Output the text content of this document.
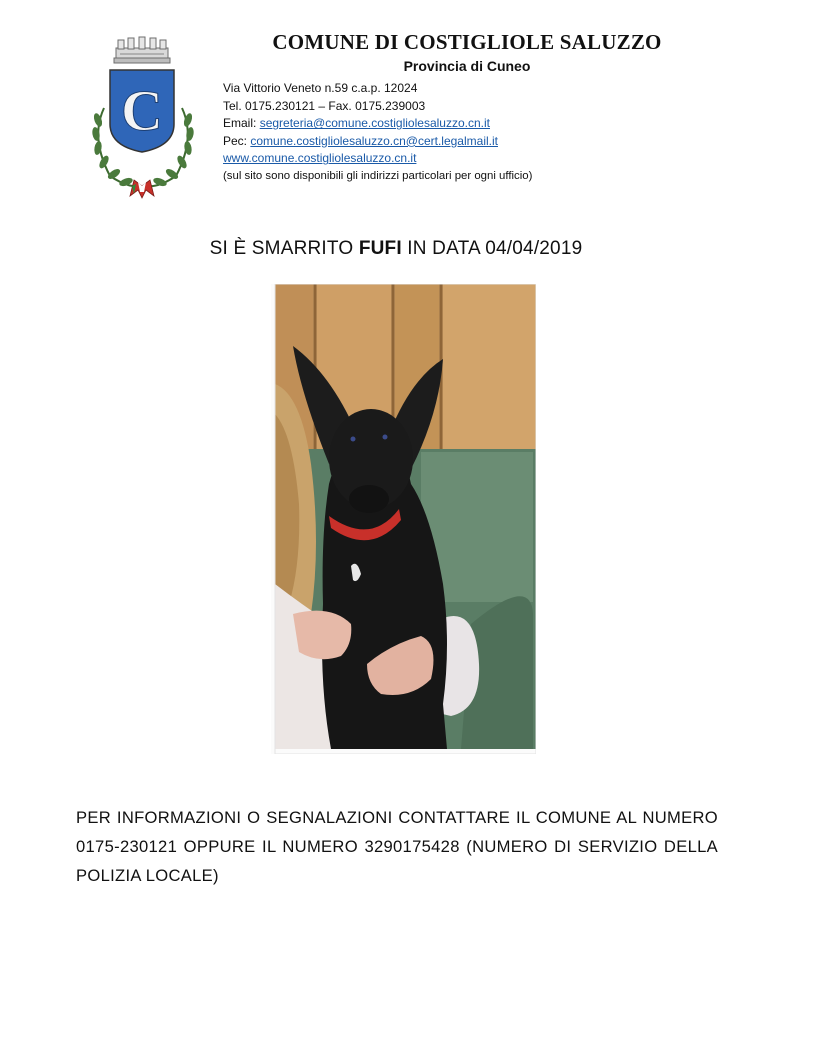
C
COMUNE DI COSTIGLIOLE SALUZZO
Provincia di Cuneo
Via Vittorio Veneto n.59 c.a.p. 12024
Tel. 0175.230121 – Fax. 0175.239003
Email: segreteria@comune.costigliolesaluzzo.cn.it
Pec: comune.costigliolesaluzzo.cn@cert.legalmail.it
www.comune.costigliolesaluzzo.cn.it
(sul sito sono disponibili gli indirizzi particolari per ogni ufficio)
SI È SMARRITO FUFI IN DATA 04/04/2019
PER INFORMAZIONI O SEGNALAZIONI CONTATTARE IL COMUNE AL NUMERO 0175-230121 OPPURE IL NUMERO 3290175428 (NUMERO DI SERVIZIO DELLA POLIZIA LOCALE)
